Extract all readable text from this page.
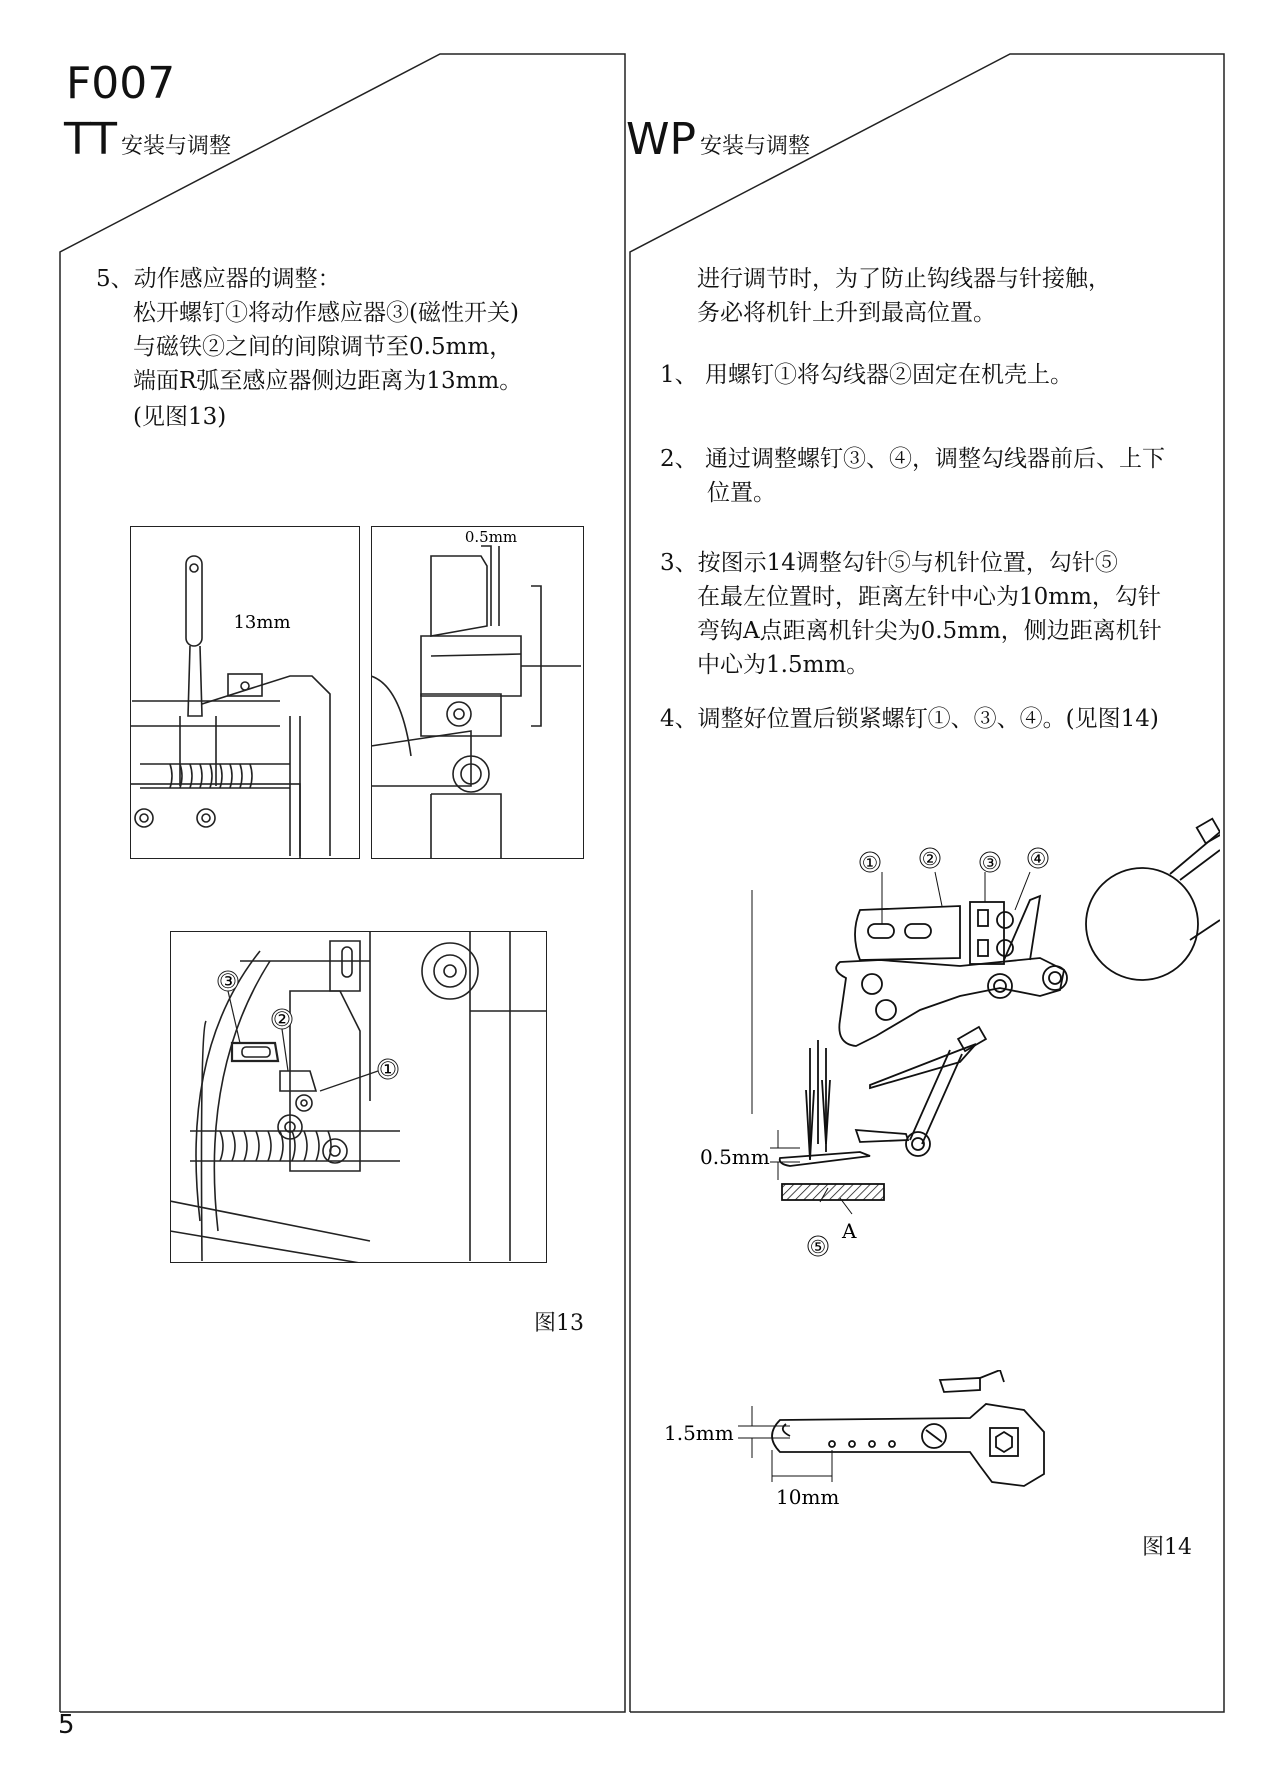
F007
TT 安装与调整	WP 安装与调整
5、动作感应器的调整：
松开螺钉①将动作感应器③(磁性开关)
与磁铁②之间的间隙调节至0.5mm，
端面R弧至感应器侧边距离为13mm。
(见图13)
13mm
0.5mm
③
②
①
图13
进行调节时，为了防止钩线器与针接触，
务必将机针上升到最高位置。
1、 用螺钉①将勾线器②固定在机壳上。
2、 通过调整螺钉③、④，调整勾线器前后、上下
位置。
3、按图示14调整勾针⑤与机针位置，勾针⑤
在最左位置时，距离左针中心为10mm，勾针
弯钩A点距离机针尖为0.5mm，侧边距离机针
中心为1.5mm。
4、调整好位置后锁紧螺钉①、③、④。(见图14)
① ② ③ ④
⑤
0.5mm
A
1.5mm
10mm
图14
5
